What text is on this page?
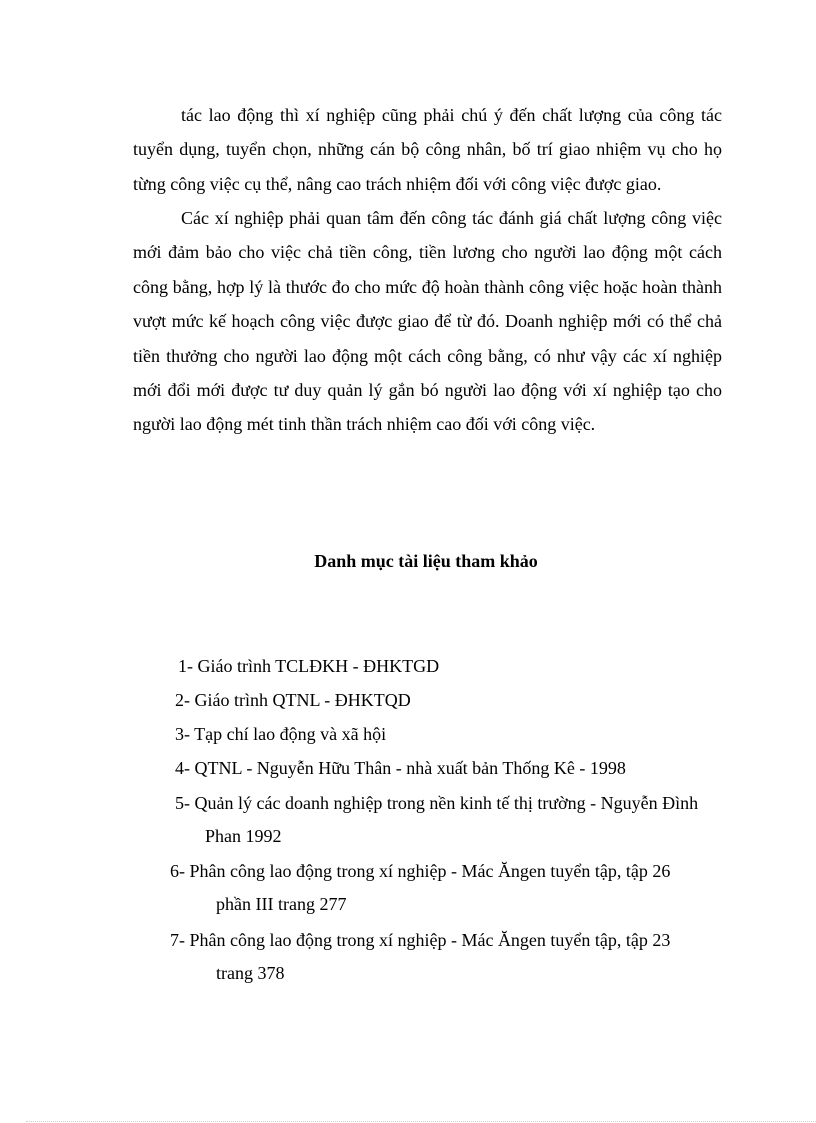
tác lao động thì xí nghiệp cũng phải chú ý đến chất lượng của công tác tuyển dụng, tuyển chọn, những cán bộ công nhân, bố trí giao nhiệm vụ cho họ từng công việc cụ thể, nâng cao trách nhiệm đối với công việc được giao.

Các xí nghiệp phải quan tâm đến công tác đánh giá chất lượng công việc mới đảm bảo cho việc chả tiền công, tiền lương cho người lao động một cách công bằng, hợp lý là thước đo cho mức độ hoàn thành công việc hoặc hoàn thành vượt mức kế hoạch công việc được giao để từ đó. Doanh nghiệp mới có thể chả tiền thưởng cho người lao động một cách công bằng, có như vậy các xí nghiệp mới đổi mới được tư duy quản lý gắn bó người lao động với xí nghiệp tạo cho người lao động mét tinh thần trách nhiệm cao đối với công việc.

Danh mục tài liệu tham khảo
1- Giáo trình TCLĐKH - ĐHKTGD
2- Giáo trình QTNL - ĐHKTQD
3- Tạp chí lao động và xã hội
4- QTNL - Nguyễn Hữu Thân - nhà xuất bản Thống Kê - 1998
5- Quản lý các doanh nghiệp trong nền kinh tế thị trường - Nguyễn Đình
Phan 1992
6- Phân công lao động trong xí nghiệp - Mác Ăngen tuyển tập, tập 26
phần III trang 277
7- Phân công lao động trong xí nghiệp - Mác Ăngen tuyển tập, tập 23
trang 378
